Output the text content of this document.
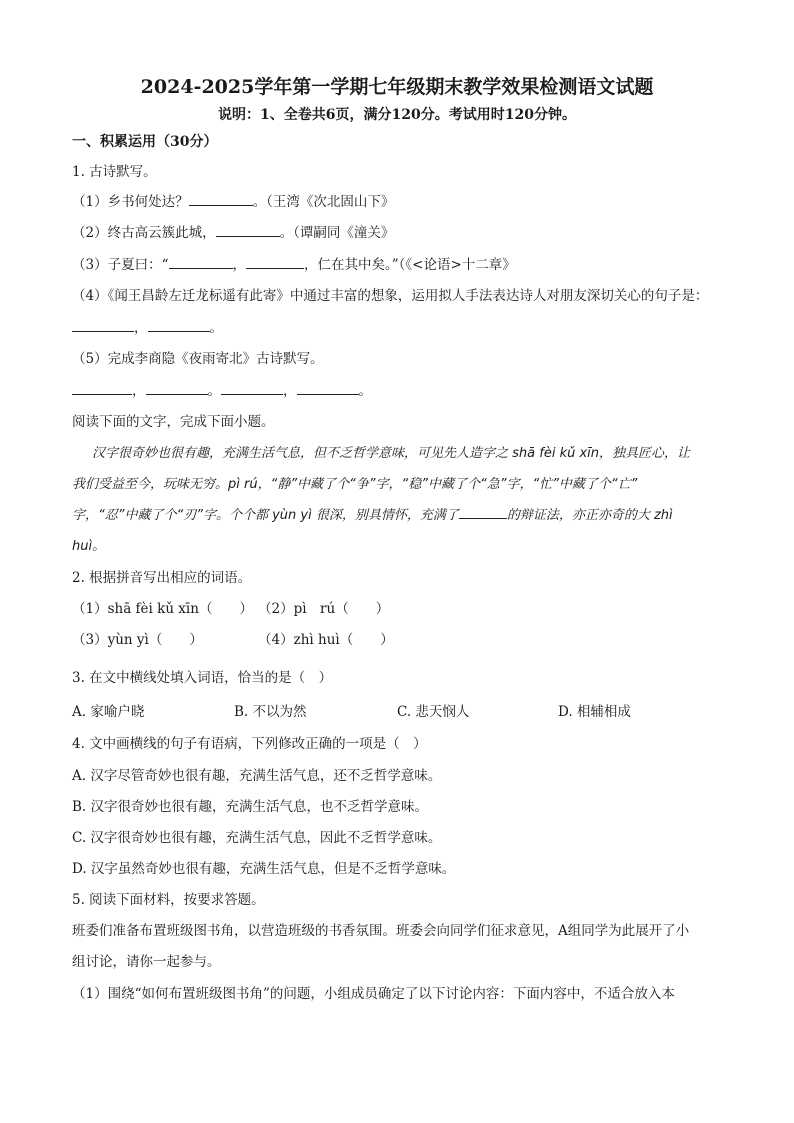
2024-2025学年第一学期七年级期末教学效果检测语文试题
说明：1、全卷共6页，满分120分。考试用时120分钟。
一、积累运用（30分）
1. 古诗默写。
（1）乡书何处达？	。（王湾《次北固山下》
（2）终古高云簇此城，	。（谭嗣同《潼关》
（3）子夏曰：“	，	，仁在其中矣。”（《<论语>十二章》
（4）《闻王昌龄左迁龙标遥有此寄》中通过丰富的想象，运用拟人手法表达诗人对朋友深切关心的句子是：
，	。
（5）完成李商隐《夜雨寄北》古诗默写。
，	。	，	。
阅读下面的文字，完成下面小题。
汉字很奇妙也很有趣，充满生活气息，但不乏哲学意味，可见先人造字之 shā fèi kǔ xīn，独具匠心，让
我们受益至今，玩味无穷。pì rú，“静”中藏了个“争”字，“稳”中藏了个“急”字，“忙”中藏了个“亡”
字，“忍”中藏了个“刃”字。个个都 yùn yì 很深，别具情怀，充满了	的辩证法，亦正亦奇的大 zhì
huì。
2. 根据拼音写出相应的词语。
（1）shā fèi kǔ xīn（　　） （2）pì　rú（　　）
（3）yùn yì（　　）	（4）zhì huì（　　）
3. 在文中横线处填入词语，恰当的是（　）
A. 家喻户晓	B. 不以为然	C. 悲天悯人	D. 相辅相成
4. 文中画横线的句子有语病，下列修改正确的一项是（　）
A. 汉字尽管奇妙也很有趣，充满生活气息，还不乏哲学意味。
B. 汉字很奇妙也很有趣，充满生活气息，也不乏哲学意味。
C. 汉字很奇妙也很有趣，充满生活气息，因此不乏哲学意味。
D. 汉字虽然奇妙也很有趣，充满生活气息，但是不乏哲学意味。
5. 阅读下面材料，按要求答题。
班委们准备布置班级图书角，以营造班级的书香氛围。班委会向同学们征求意见，A组同学为此展开了小
组讨论，请你一起参与。
（1）围绕“如何布置班级图书角”的问题，小组成员确定了以下讨论内容：下面内容中，不适合放入本
